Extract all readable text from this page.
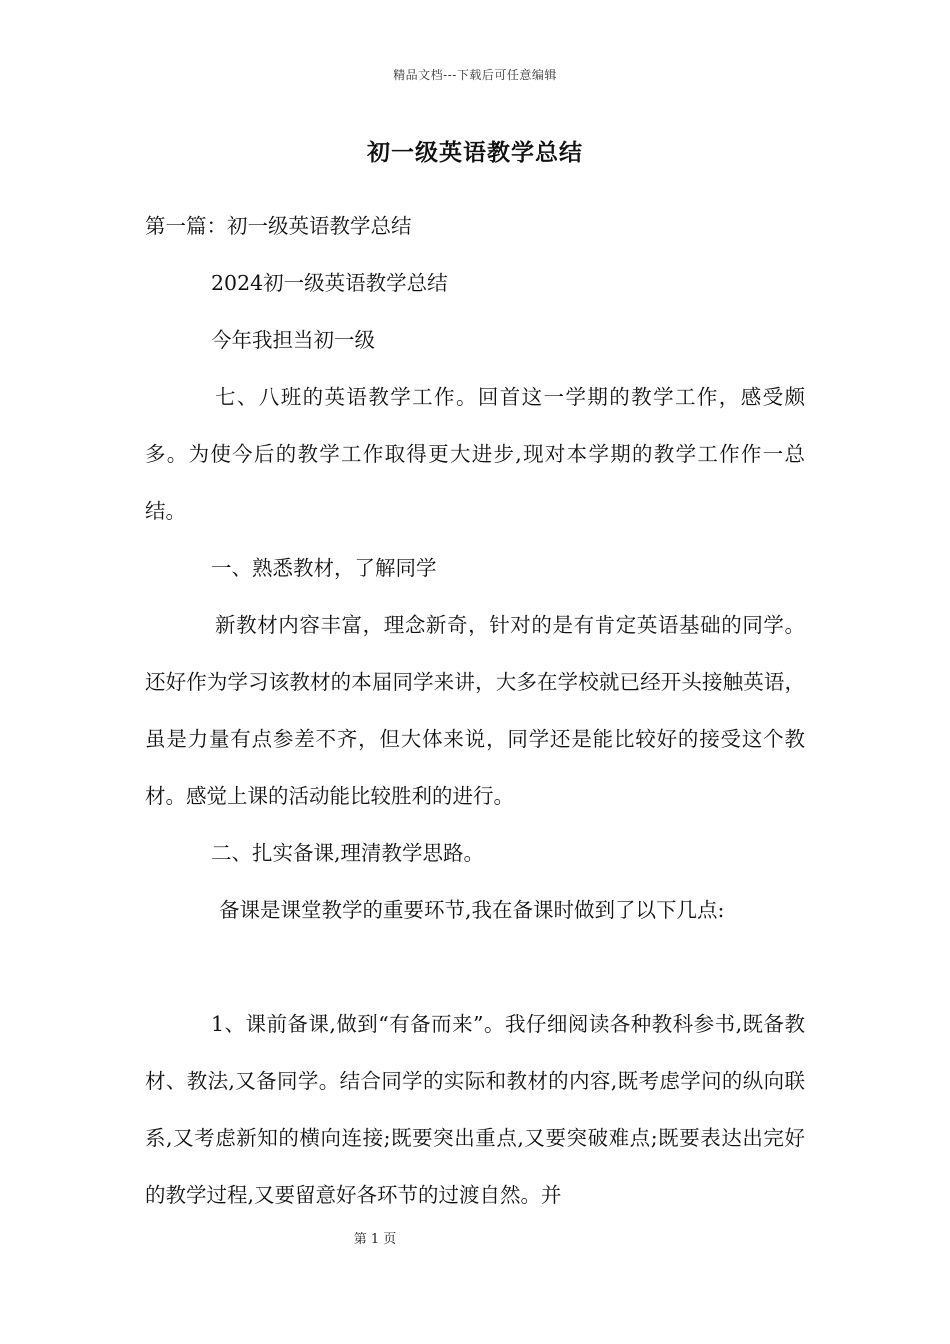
精品文档---下载后可任意编辑
初一级英语教学总结

第一篇：初一级英语教学总结

2024初一级英语教学总结

今年我担当初一级

七、八班的英语教学工作。回首这一学期的教学工作，感受颇多。为使今后的教学工作取得更大进步,现对本学期的教学工作作一总结。

一、熟悉教材，了解同学

新教材内容丰富，理念新奇，针对的是有肯定英语基础的同学。还好作为学习该教材的本届同学来讲，大多在学校就已经开头接触英语，虽是力量有点参差不齐，但大体来说，同学还是能比较好的接受这个教材。感觉上课的活动能比较胜利的进行。

二、扎实备课,理清教学思路。

备课是课堂教学的重要环节,我在备课时做到了以下几点:

1、课前备课,做到“有备而来”。我仔细阅读各种教科参书,既备教材、教法,又备同学。结合同学的实际和教材的内容,既考虑学问的纵向联系,又考虑新知的横向连接;既要突出重点,又要突破难点;既要表达出完好的教学过程,又要留意好各环节的过渡自然。并

第 1 页
